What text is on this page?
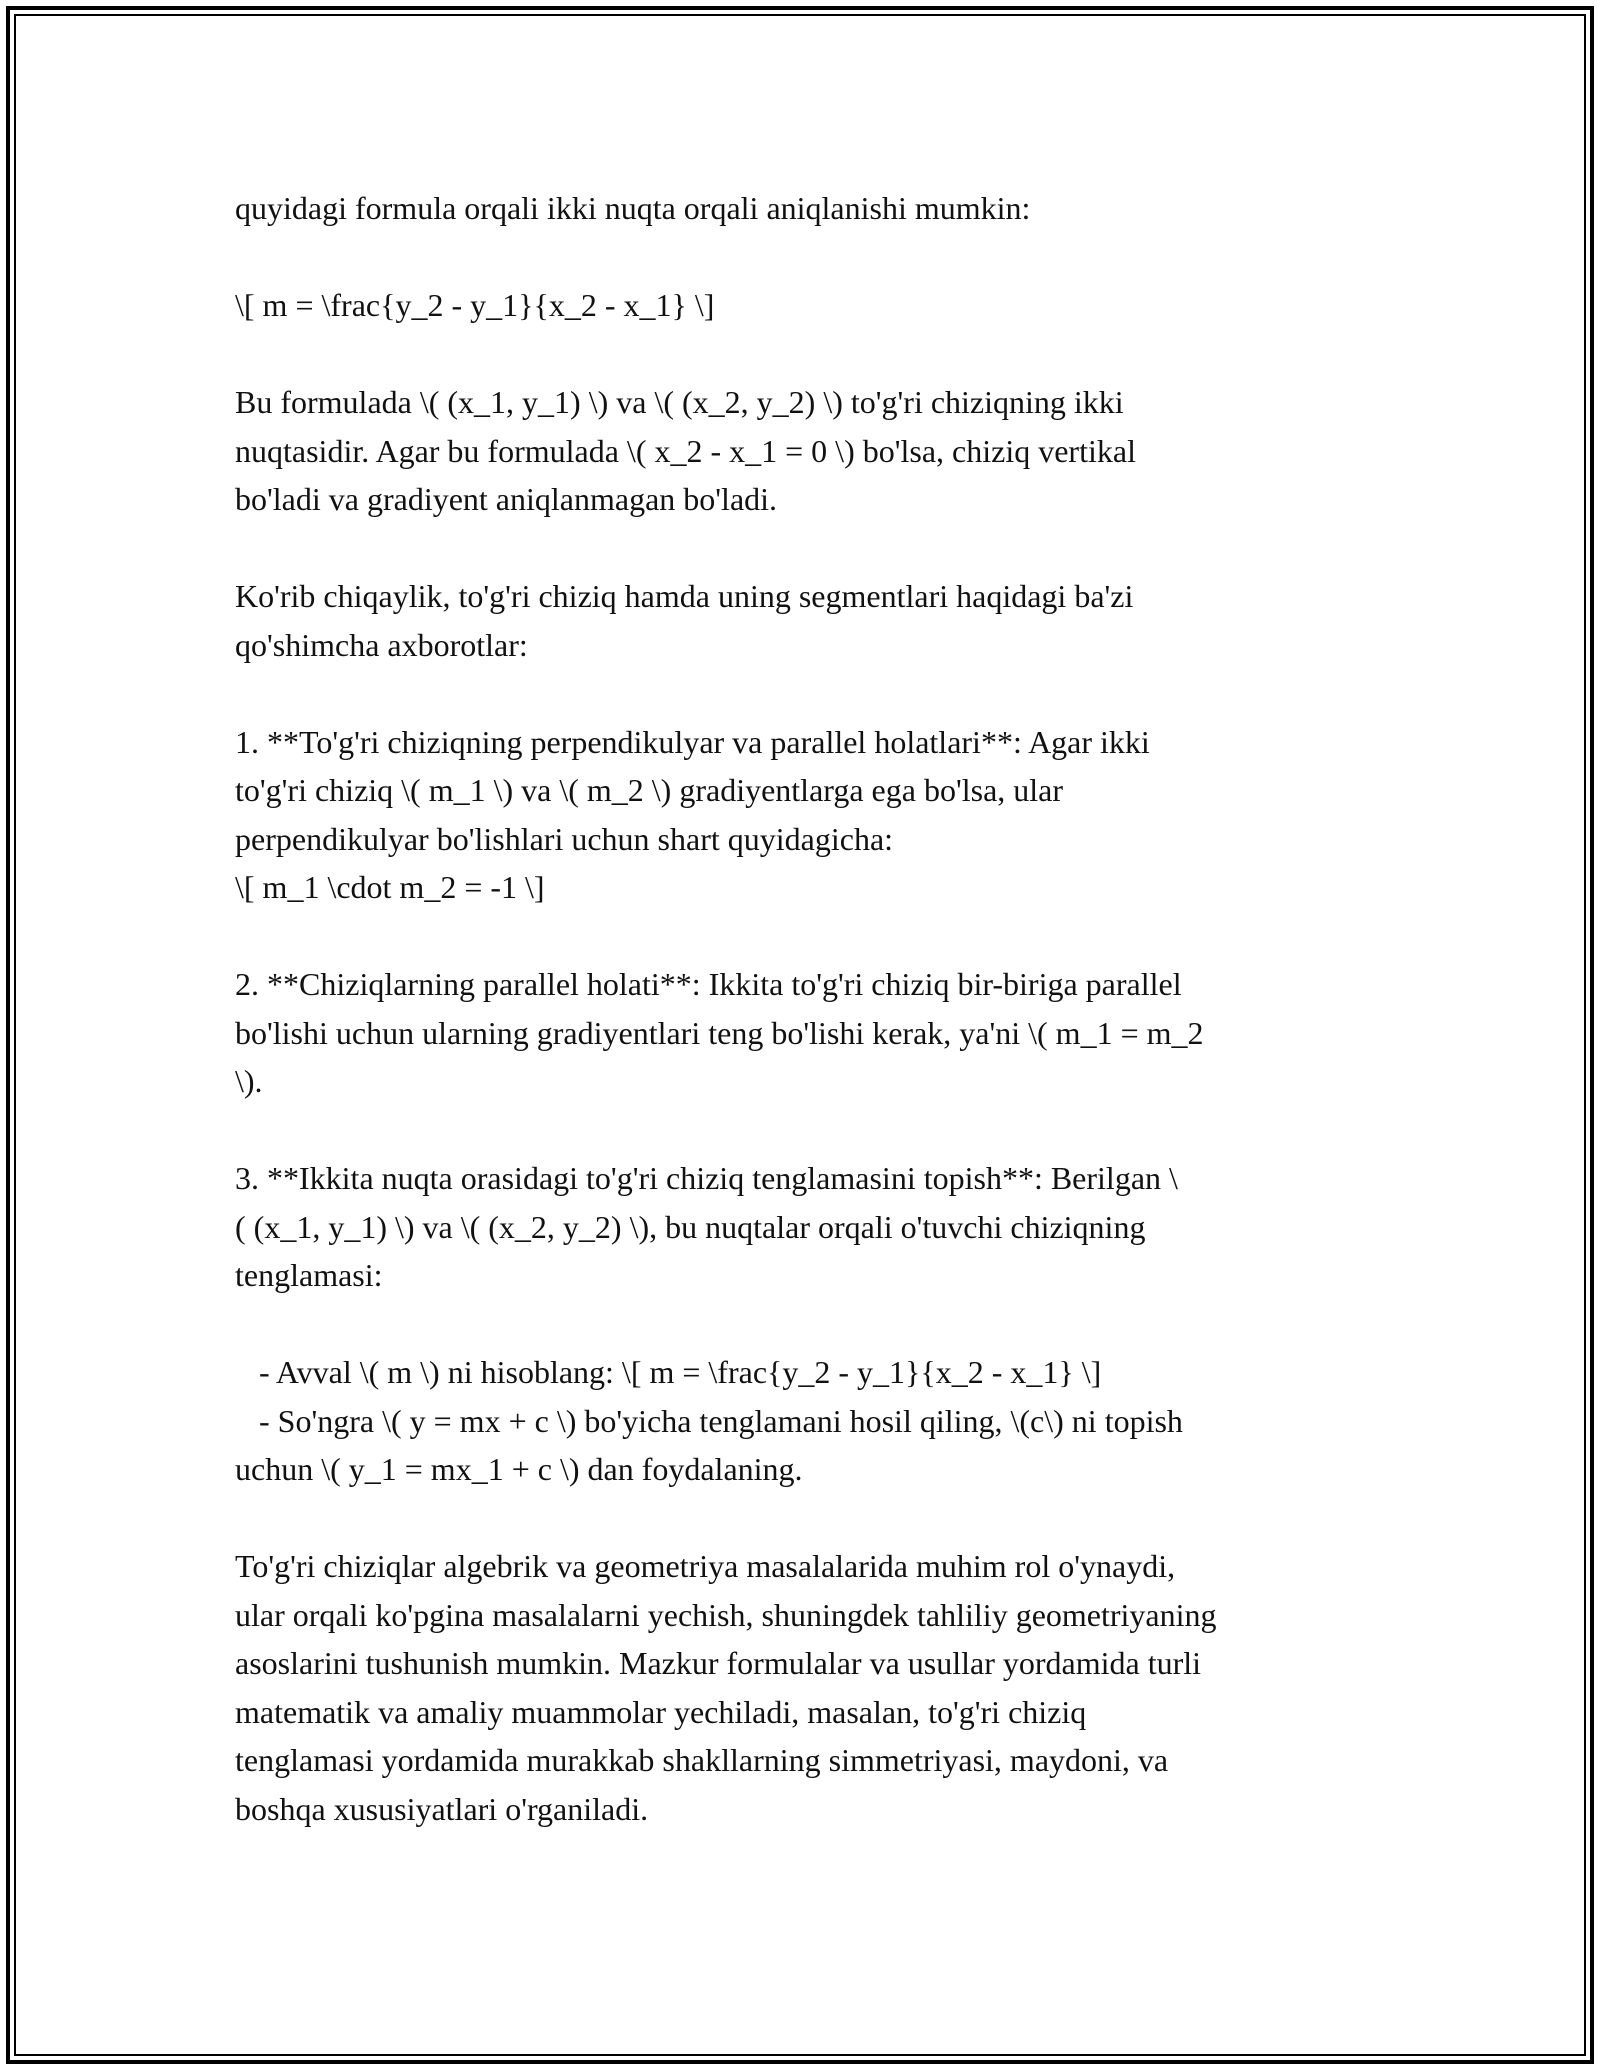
quyidagi formula orqali ikki nuqta orqali aniqlanishi mumkin:

\[ m = \frac{y_2 - y_1}{x_2 - x_1} \]

Bu formulada \( (x_1, y_1) \) va \( (x_2, y_2) \) to'g'ri chiziqning ikki
nuqtasidir. Agar bu formulada \( x_2 - x_1 = 0 \) bo'lsa, chiziq vertikal
bo'ladi va gradiyent aniqlanmagan bo'ladi.

Ko'rib chiqaylik, to'g'ri chiziq hamda uning segmentlari haqidagi ba'zi
qo'shimcha axborotlar:

1. **To'g'ri chiziqning perpendikulyar va parallel holatlari**: Agar ikki
to'g'ri chiziq \( m_1 \) va \( m_2 \) gradiyentlarga ega bo'lsa, ular
perpendikulyar bo'lishlari uchun shart quyidagicha:
\[ m_1 \cdot m_2 = -1 \]

2. **Chiziqlarning parallel holati**: Ikkita to'g'ri chiziq bir-biriga parallel
bo'lishi uchun ularning gradiyentlari teng bo'lishi kerak, ya'ni \( m_1 = m_2
\).

3. **Ikkita nuqta orasidagi to'g'ri chiziq tenglamasini topish**: Berilgan \
( (x_1, y_1) \) va \( (x_2, y_2) \), bu nuqtalar orqali o'tuvchi chiziqning
tenglamasi:

- Avval \( m \) ni hisoblang: \[ m = \frac{y_2 - y_1}{x_2 - x_1} \]
- So'ngra \( y = mx + c \) bo'yicha tenglamani hosil qiling, \(c\) ni topish
uchun \( y_1 = mx_1 + c \) dan foydalaning.

To'g'ri chiziqlar algebrik va geometriya masalalarida muhim rol o'ynaydi,
ular orqali ko'pgina masalalarni yechish, shuningdek tahliliy geometriyaning
asoslarini tushunish mumkin. Mazkur formulalar va usullar yordamida turli
matematik va amaliy muammolar yechiladi, masalan, to'g'ri chiziq
tenglamasi yordamida murakkab shakllarning simmetriyasi, maydoni, va
boshqa xususiyatlari o'rganiladi.
